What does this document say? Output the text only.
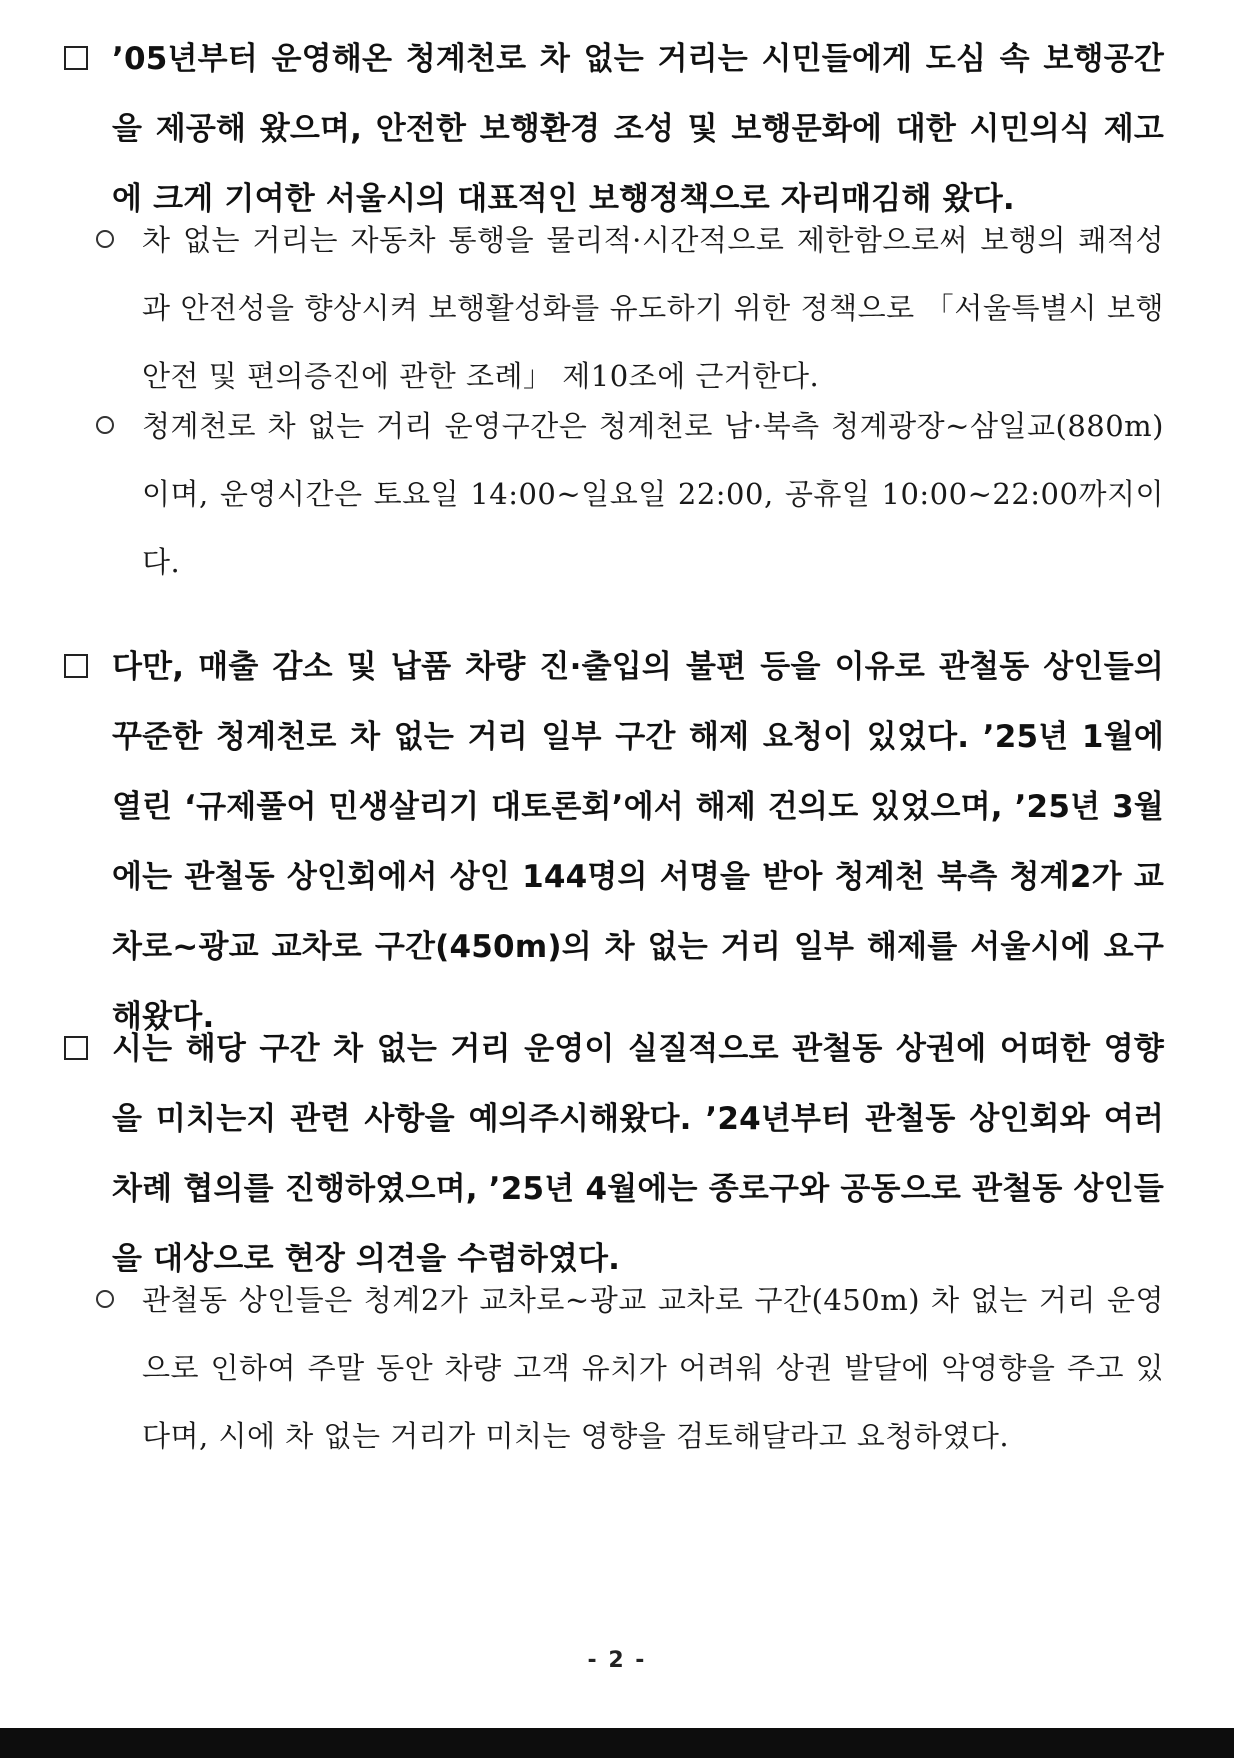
’05년부터 운영해온 청계천로 차 없는 거리는 시민들에게 도심 속 보행공간을 제공해 왔으며, 안전한 보행환경 조성 및 보행문화에 대한 시민의식 제고에 크게 기여한 서울시의 대표적인 보행정책으로 자리매김해 왔다.
차 없는 거리는 자동차 통행을 물리적·시간적으로 제한함으로써 보행의 쾌적성과 안전성을 향상시켜 보행활성화를 유도하기 위한 정책으로 「서울특별시 보행안전 및 편의증진에 관한 조례」 제10조에 근거한다.
청계천로 차 없는 거리 운영구간은 청계천로 남·북측 청계광장~삼일교(880m)이며, 운영시간은 토요일 14:00~일요일 22:00, 공휴일 10:00~22:00까지이다.
다만, 매출 감소 및 납품 차량 진·출입의 불편 등을 이유로 관철동 상인들의 꾸준한 청계천로 차 없는 거리 일부 구간 해제 요청이 있었다. ’25년 1월에 열린 ‘규제풀어 민생살리기 대토론회’에서 해제 건의도 있었으며, ’25년 3월에는 관철동 상인회에서 상인 144명의 서명을 받아 청계천 북측 청계2가 교차로~광교 교차로 구간(450m)의 차 없는 거리 일부 해제를 서울시에 요구해왔다.
시는 해당 구간 차 없는 거리 운영이 실질적으로 관철동 상권에 어떠한 영향을 미치는지 관련 사항을 예의주시해왔다. ’24년부터 관철동 상인회와 여러 차례 협의를 진행하였으며, ’25년 4월에는 종로구와 공동으로 관철동 상인들을 대상으로 현장 의견을 수렴하였다.
관철동 상인들은 청계2가 교차로~광교 교차로 구간(450m) 차 없는 거리 운영으로 인하여 주말 동안 차량 고객 유치가 어려워 상권 발달에 악영향을 주고 있다며, 시에 차 없는 거리가 미치는 영향을 검토해달라고 요청하였다.
- 2 -
